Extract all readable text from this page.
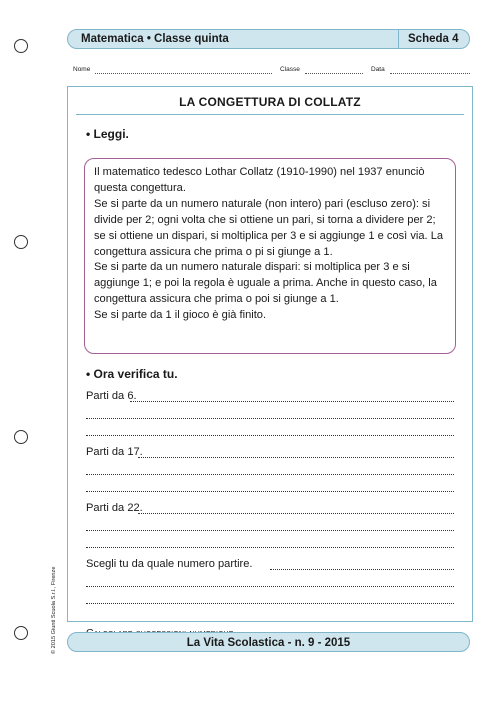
Matematica • Classe quinta	Scheda 4
Nome	Classe	Data
LA CONGETTURA DI COLLATZ
• Leggi.

Il matematico tedesco Lothar Collatz (1910-1990) nel 1937 enunciò questa congettura.

Se si parte da un numero naturale (non intero) pari (escluso zero): si divide per 2; ogni volta che si ottiene un pari, si torna a dividere per 2; se si ottiene un dispari, si moltiplica per 3 e si aggiunge 1 e così via. La congettura assicura che prima o pi si giunge a 1.

Se si parte da un numero naturale dispari: si moltiplica per 3 e si aggiunge 1; e poi la regola è uguale a prima. Anche in questo caso, la congettura assicura che prima o poi si giunge a 1.

Se si parte da 1 il gioco è già finito.

• Ora verifica tu.
Parti da 6.
Parti da 17.
Parti da 22.
Scegli tu da quale numero partire.
© 2015 Giunti Scuola S.r.l., Firenze	La Vita Scolastica - n. 9 - 2015
